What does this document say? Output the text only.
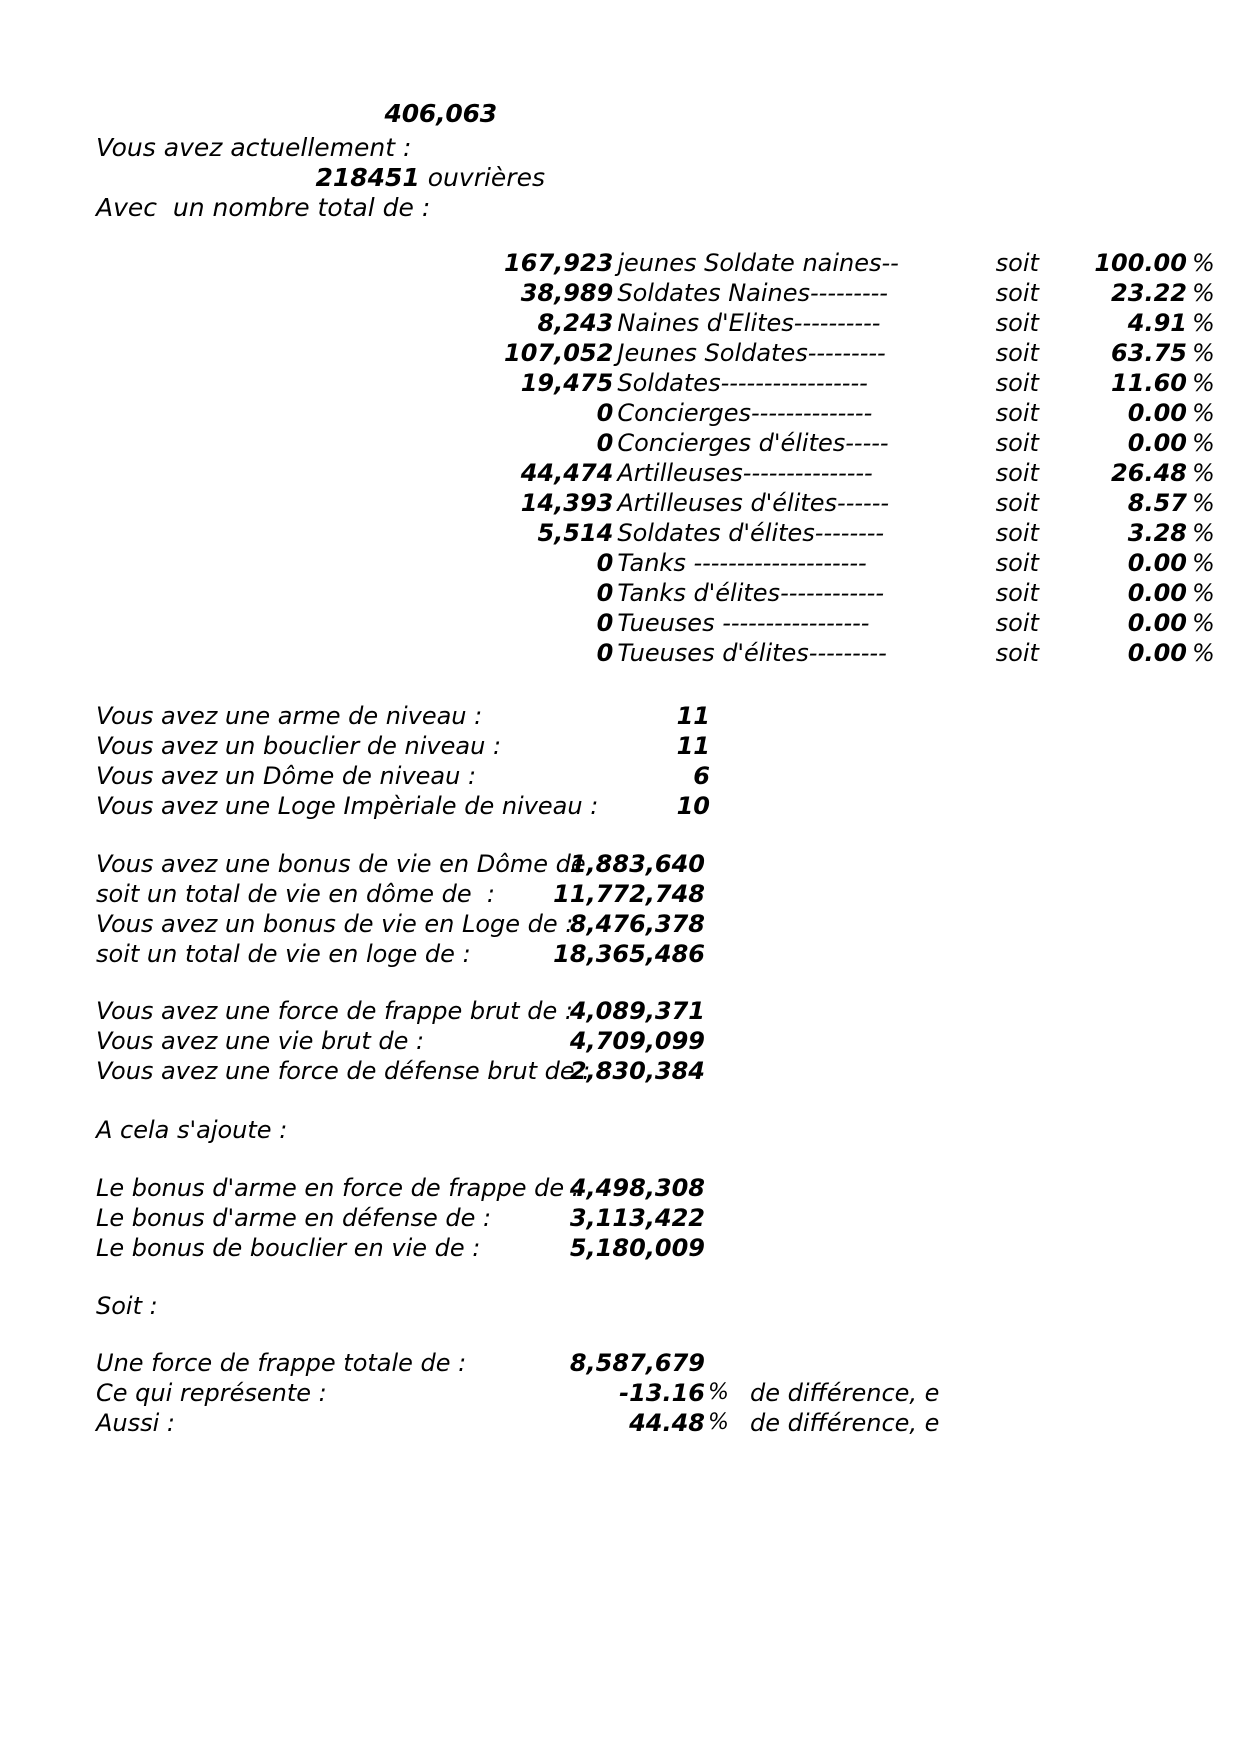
406,063
Vous avez actuellement :
218451 ouvrières
Avec  un nombre total de :
167,923	jeunes Soldate naines--	soit	100.00	%
38,989	Soldates Naines---------	soit	23.22	%
8,243	Naines d'Elites----------	soit	4.91	%
107,052	Jeunes Soldates---------	soit	63.75	%
19,475	Soldates-----------------	soit	11.60	%
0	Concierges--------------	soit	0.00	%
0	Concierges d'élites-----	soit	0.00	%
44,474	Artilleuses---------------	soit	26.48	%
14,393	Artilleuses d'élites------	soit	8.57	%
5,514	Soldates d'élites--------	soit	3.28	%
0	Tanks --------------------	soit	0.00	%
0	Tanks d'élites------------	soit	0.00	%
0	Tueuses -----------------	soit	0.00	%
0	Tueuses d'élites---------	soit	0.00	%
Vous avez une arme de niveau :	11
Vous avez un bouclier de niveau :	11
Vous avez un Dôme de niveau :	6
Vous avez une Loge Impèriale de niveau :	10
Vous avez une bonus de vie en Dôme de  :
1,883,640
soit un total de vie en dôme de  :	11,772,748
Vous avez un bonus de vie en Loge de :
8,476,378
soit un total de vie en loge de :	18,365,486
Vous avez une force de frappe brut de :
4,089,371
Vous avez une vie brut de :	4,709,099
Vous avez une force de défense brut de :
2,830,384
A cela s'ajoute :
Le bonus d'arme en force de frappe de :
4,498,308
Le bonus d'arme en défense de :	3,113,422
Le bonus de bouclier en vie de :	5,180,009
Soit :
Une force de frappe totale de :	8,587,679
Ce qui représente :	-13.16 % de différence, e
Aussi :	44.48 % de différence, e
